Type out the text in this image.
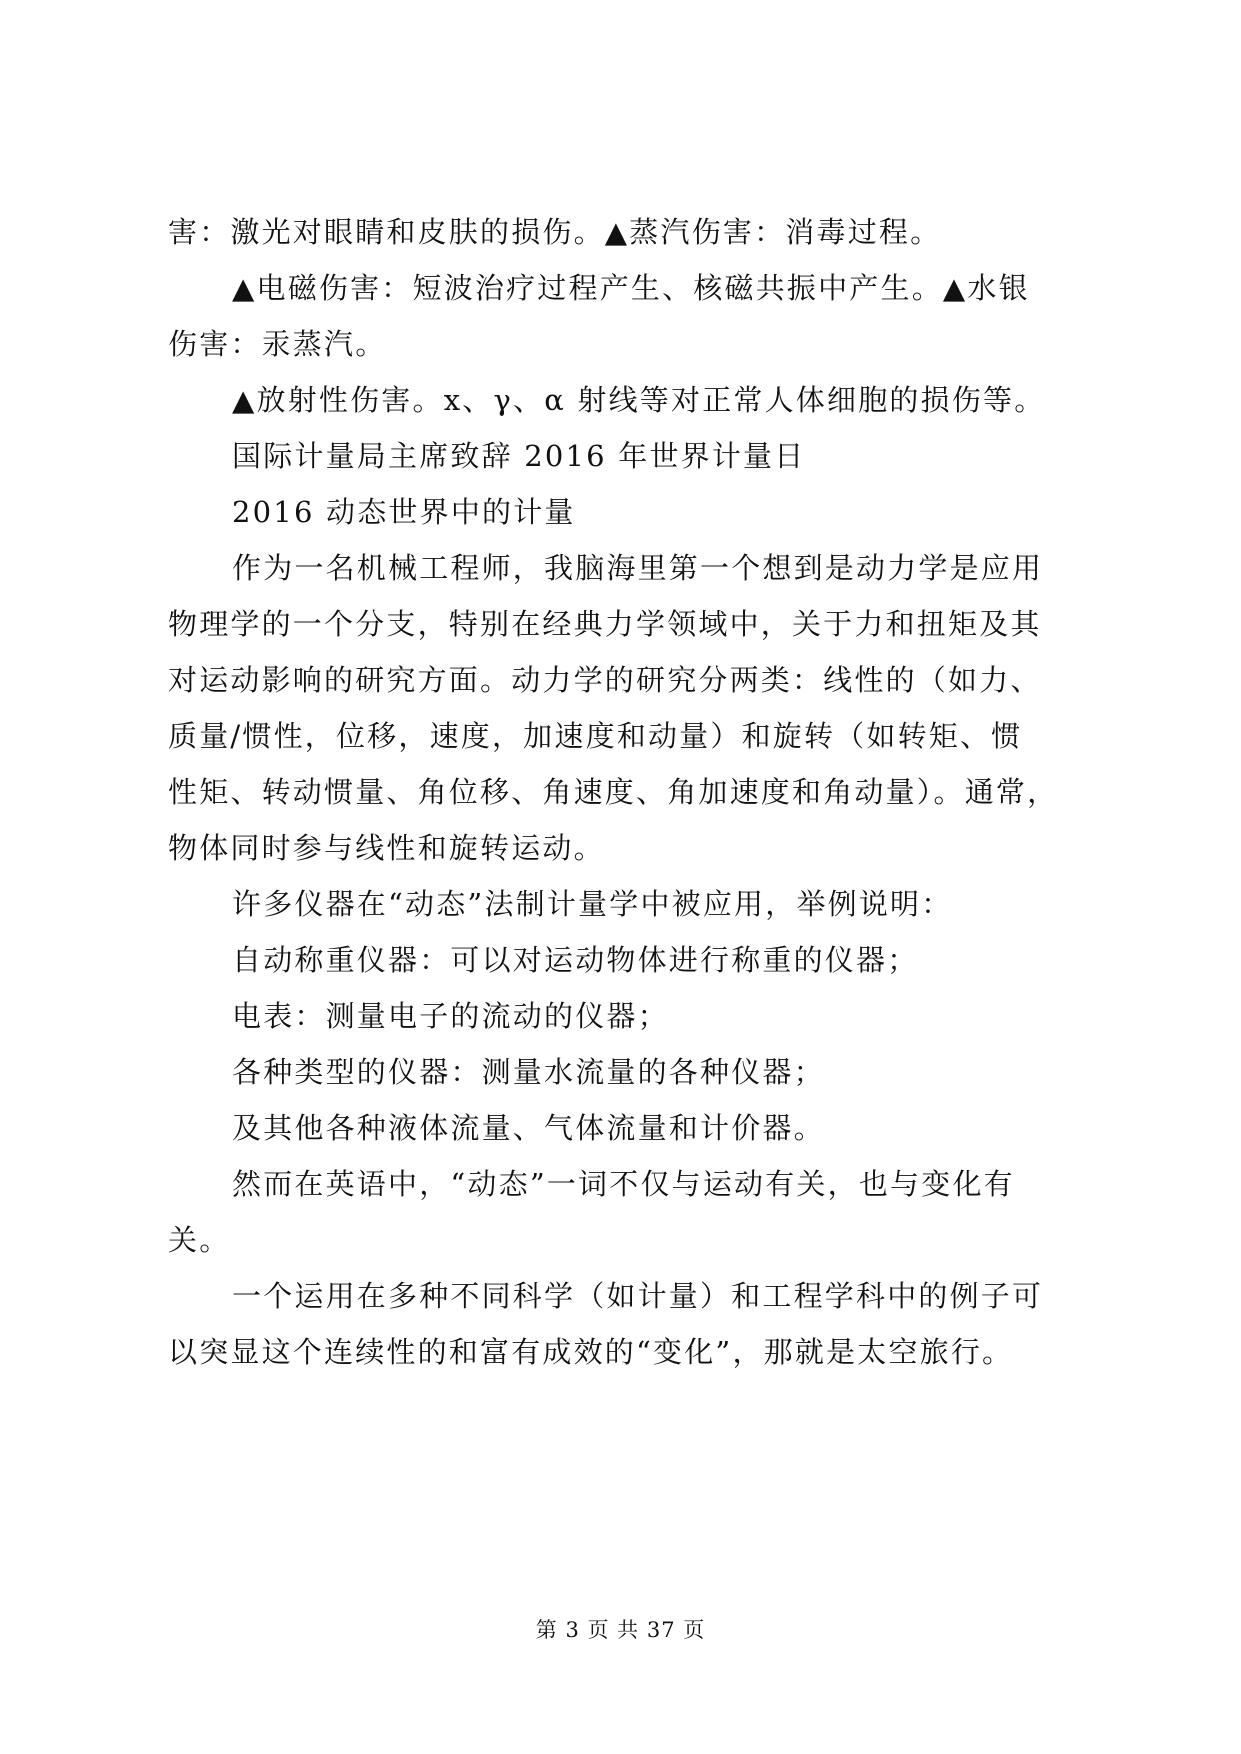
害：激光对眼睛和皮肤的损伤。▲蒸汽伤害：消毒过程。
▲电磁伤害：短波治疗过程产生、核磁共振中产生。▲水银
伤害：汞蒸汽。
▲放射性伤害。x、γ、α 射线等对正常人体细胞的损伤等。
国际计量局主席致辞 2016 年世界计量日
2016 动态世界中的计量
作为一名机械工程师，我脑海里第一个想到是动力学是应用
物理学的一个分支，特别在经典力学领域中，关于力和扭矩及其
对运动影响的研究方面。动力学的研究分两类：线性的（如力、
质量/惯性，位移，速度，加速度和动量）和旋转（如转矩、惯
性矩、转动惯量、角位移、角速度、角加速度和角动量）。通常，
物体同时参与线性和旋转运动。
许多仪器在“动态”法制计量学中被应用，举例说明：
自动称重仪器：可以对运动物体进行称重的仪器；
电表：测量电子的流动的仪器；
各种类型的仪器：测量水流量的各种仪器；
及其他各种液体流量、气体流量和计价器。
然而在英语中，“动态”一词不仅与运动有关，也与变化有
关。
一个运用在多种不同科学（如计量）和工程学科中的例子可
以突显这个连续性的和富有成效的“变化”，那就是太空旅行。
第 3 页 共 37 页
